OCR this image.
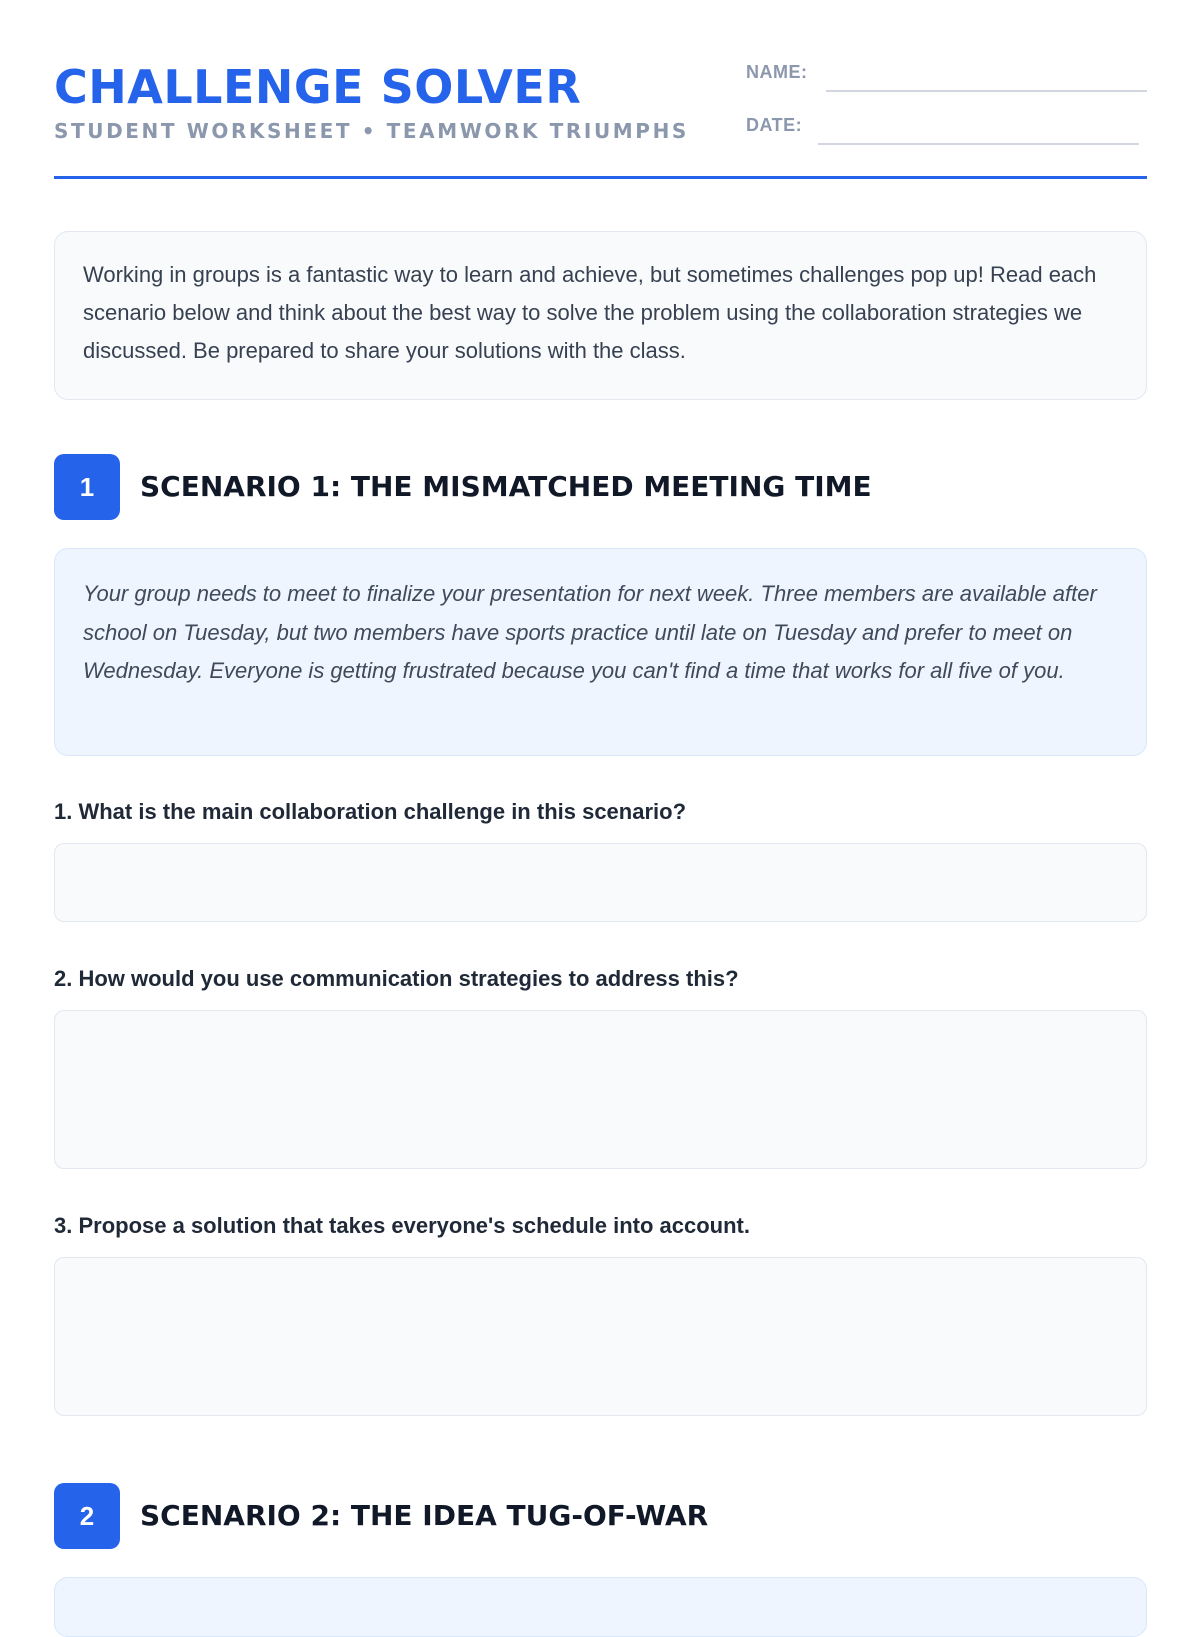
CHALLENGE SOLVER
STUDENT WORKSHEET • TEAMWORK TRIUMPHS
NAME:
DATE:
Working in groups is a fantastic way to learn and achieve, but sometimes challenges pop up! Read each scenario below and think about the best way to solve the problem using the collaboration strategies we discussed. Be prepared to share your solutions with the class.
1	SCENARIO 1: THE MISMATCHED MEETING TIME
Your group needs to meet to finalize your presentation for next week. Three members are available after school on Tuesday, but two members have sports practice until late on Tuesday and prefer to meet on Wednesday. Everyone is getting frustrated because you can't find a time that works for all five of you.
1. What is the main collaboration challenge in this scenario?
2. How would you use communication strategies to address this?
3. Propose a solution that takes everyone's schedule into account.
2	SCENARIO 2: THE IDEA TUG-OF-WAR
